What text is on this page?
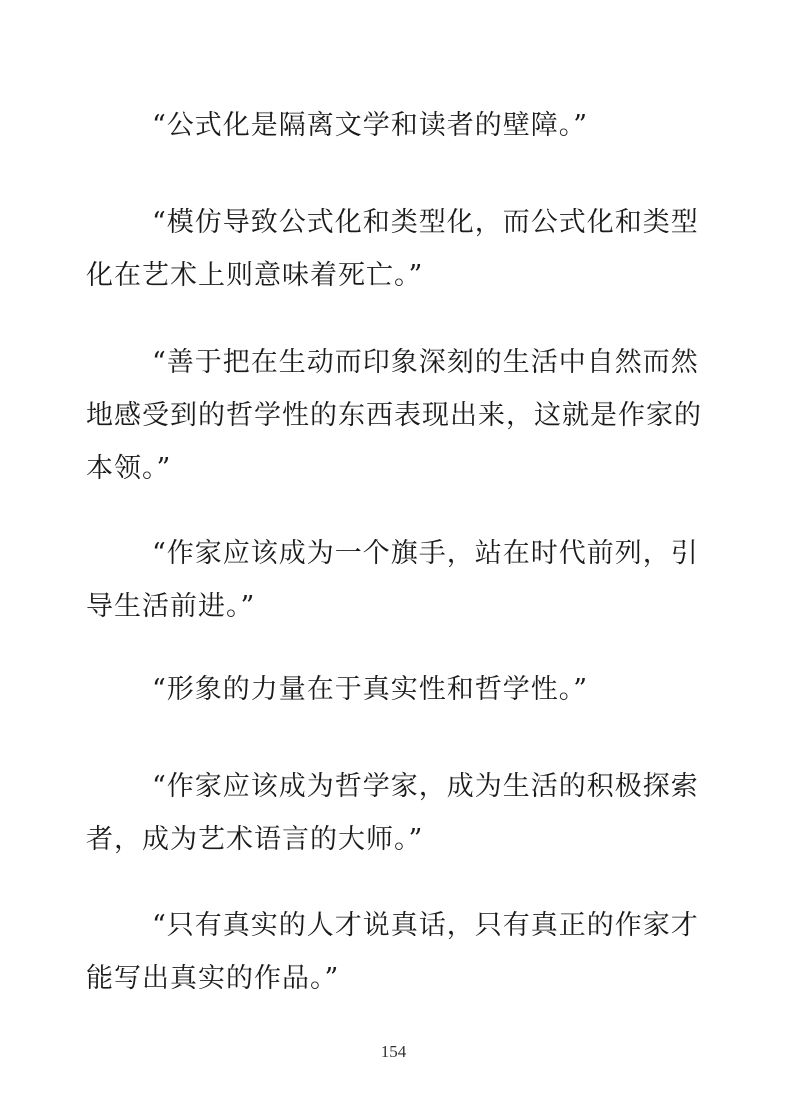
“公式化是隔离文学和读者的壁障。”

“模仿导致公式化和类型化，而公式化和类型化在艺术上则意味着死亡。”

“善于把在生动而印象深刻的生活中自然而然地感受到的哲学性的东西表现出来，这就是作家的本领。”

“作家应该成为一个旗手，站在时代前列，引导生活前进。”

“形象的力量在于真实性和哲学性。”

“作家应该成为哲学家，成为生活的积极探索者，成为艺术语言的大师。”

“只有真实的人才说真话，只有真正的作家才能写出真实的作品。”

154
